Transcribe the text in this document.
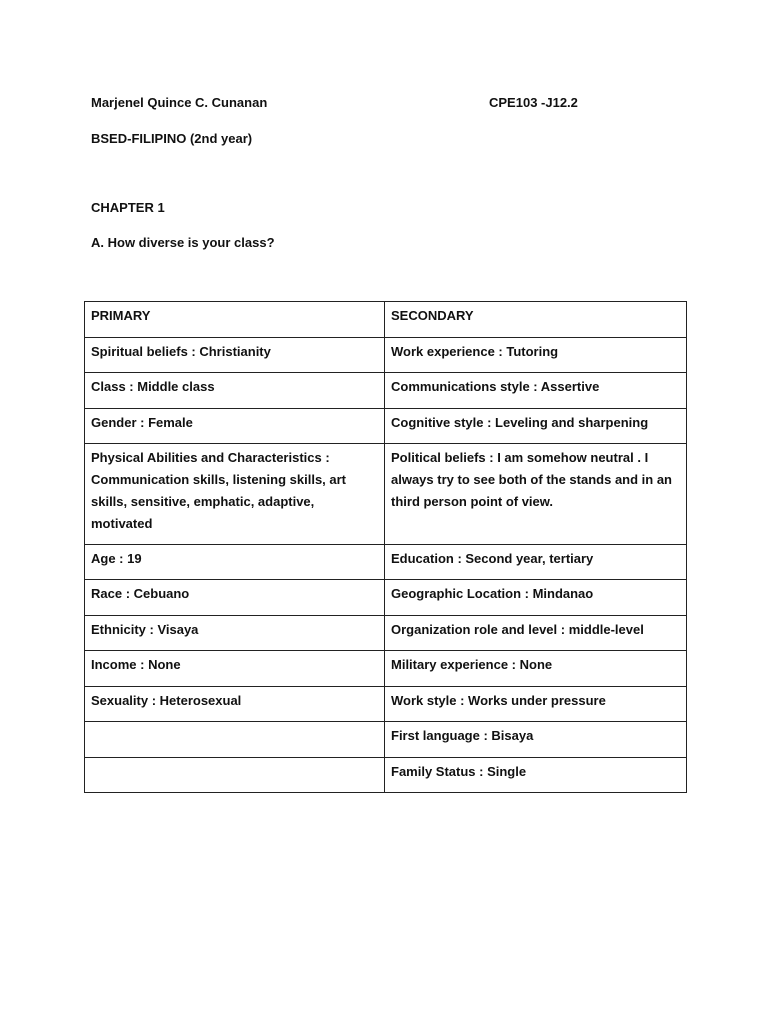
Marjenel Quince C. Cunanan	CPE103 -J12.2
BSED-FILIPINO (2nd year)
CHAPTER 1
A. How diverse is your class?
PRIMARY	SECONDARY
Spiritual beliefs : Christianity	Work experience : Tutoring
Class : Middle class	Communications style : Assertive
Gender : Female	Cognitive style : Leveling and sharpening
Physical Abilities and Characteristics : Communication skills, listening skills, art skills, sensitive, emphatic, adaptive, motivated	Political beliefs : I am somehow neutral . I always try to see both of the stands and in an third person point of view.
Age : 19	Education : Second year, tertiary
Race : Cebuano	Geographic Location : Mindanao
Ethnicity : Visaya	Organization role and level : middle-level
Income : None	Military experience : None
Sexuality : Heterosexual	Work style : Works under pressure
	First language : Bisaya
	Family Status : Single
